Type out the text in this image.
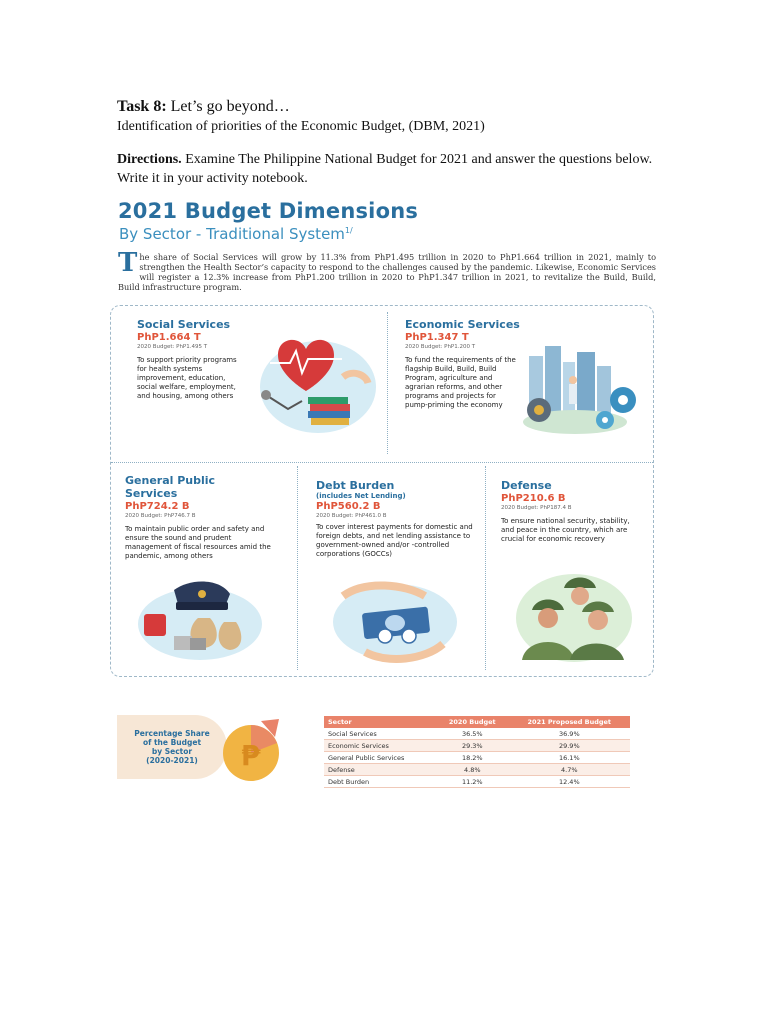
Task 8: Let’s go beyond…
Identification of priorities of the Economic Budget, (DBM, 2021)
Directions. Examine The Philippine National Budget for 2021 and answer the questions below. Write it in your activity notebook.
2021 Budget Dimensions
By Sector - Traditional System$^{1/}$
The share of Social Services will grow by 11.3% from PhP1.495 trillion in 2020 to PhP1.664 trillion in 2021, mainly to strengthen the Health Sector’s capacity to respond to the challenges caused by the pandemic. Likewise, Economic Services will register a 12.3% increase from PhP1.200 trillion in 2020 to PhP1.347 trillion in 2021, to revitalize the Build, Build, Build infrastructure program.
Social Services
PhP1.664 T
2020 Budget: PhP1.495 T
To support priority programs for health systems improvement, education, social welfare, employment, and housing, among others
Economic Services
PhP1.347 T
2020 Budget: PhP1.200 T
To fund the requirements of the flagship Build, Build, Build Program, agriculture and agrarian reforms, and other programs and projects for pump-priming the economy
General Public Services
PhP724.2 B
2020 Budget: PhP746.7 B
To maintain public order and safety and ensure the sound and prudent management of fiscal resources amid the pandemic, among others
Debt Burden
(includes Net Lending)
PhP560.2 B
2020 Budget: PhP461.0 B
To cover interest payments for domestic and foreign debts, and net lending assistance to government-owned and/or -controlled corporations (GOCCs)
Defense
PhP210.6 B
2020 Budget: PhP187.4 B
To ensure national security, stability, and peace in the country, which are crucial for economic recovery
Percentage Share
of the Budget
by Sector
(2020-2021)	₱
Sector	2020 Budget	2021 Proposed Budget
Social Services	36.5%	36.9%
Economic Services	29.3%	29.9%
General Public Services	18.2%	16.1%
Defense	4.8%	4.7%
Debt Burden	11.2%	12.4%
